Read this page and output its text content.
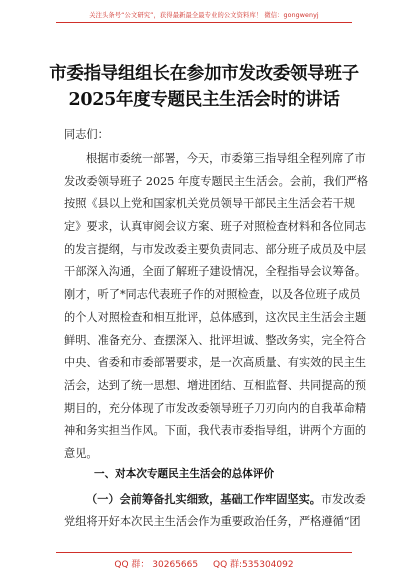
关注头条号“公文研究”，获得最新最全最专业的公文资料库！ 微信：gongwenyj
市委指导组组长在参加市发改委领导班子
2025年度专题民主生活会时的讲话
同志们：
根据市委统一部署，今天，市委第三指导组全程列席了市
发改委领导班子 2025 年度专题民主生活会。会前，我们严格
按照《县以上党和国家机关党员领导干部民主生活会若干规
定》要求，认真审阅会议方案、班子对照检查材料和各位同志
的发言提纲，与市发改委主要负责同志、部分班子成员及中层
干部深入沟通，全面了解班子建设情况，全程指导会议筹备。
刚才，听了*同志代表班子作的对照检查，以及各位班子成员
的个人对照检查和相互批评，总体感到，这次民主生活会主题
鲜明、准备充分、查摆深入、批评坦诚、整改务实，完全符合
中央、省委和市委部署要求，是一次高质量、有实效的民主生
活会，达到了统一思想、增进团结、互相监督、共同提高的预
期目的，充分体现了市发改委领导班子刀刃向内的自我革命精
神和务实担当作风。下面，我代表市委指导组，讲两个方面的
意见。
一、对本次专题民主生活会的总体评价
（一）会前筹备扎实细致，基础工作牢固坚实。市发改委
党组将开好本次民主生活会作为重要政治任务，严格遵循“团
QQ 群： 30265665 QQ 群:535304092
